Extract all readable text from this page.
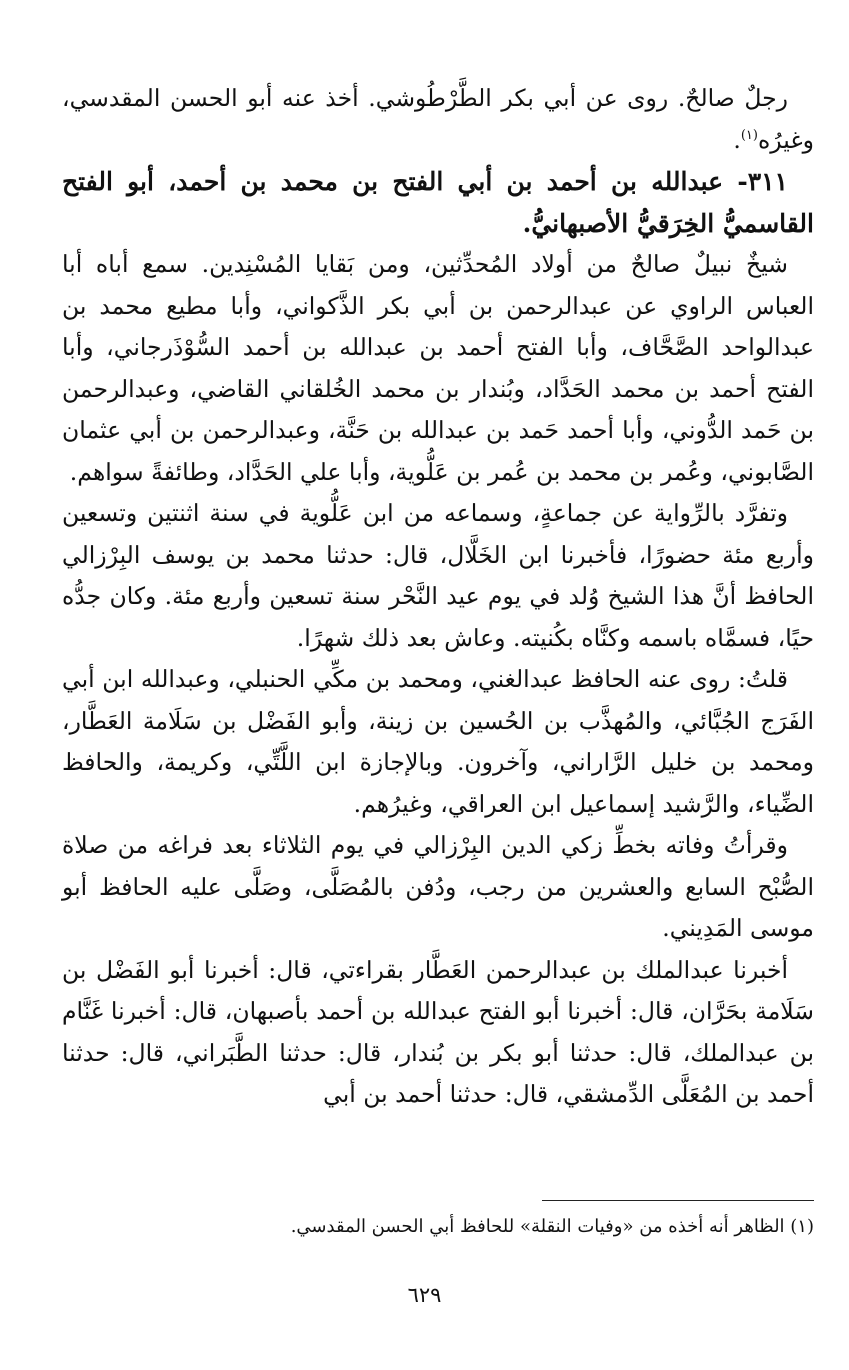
رجلٌ صالحٌ. روى عن أبي بكر الطَّرْطُوشي. أخذ عنه أبو الحسن المقدسي، وغيرُه$^{(١)}$.

٣١١- عبدالله بن أحمد بن أبي الفتح بن محمد بن أحمد، أبو الفتح القاسميُّ الخِرَقيُّ الأصبهانيُّ.

شيخٌ نبيلٌ صالحٌ من أولاد المُحدِّثين، ومن بَقايا المُسْنِدين. سمع أباه أبا العباس الراوي عن عبدالرحمن بن أبي بكر الذَّكواني، وأبا مطيع محمد بن عبدالواحد الصَّحَّاف، وأبا الفتح أحمد بن عبدالله بن أحمد السُّوْذَرجاني، وأبا الفتح أحمد بن محمد الحَدَّاد، وبُندار بن محمد الخُلقاني القاضي، وعبدالرحمن بن حَمد الدُّوني، وأبا أحمد حَمد بن عبدالله بن حَنَّة، وعبدالرحمن بن أبي عثمان الصَّابوني، وعُمر بن محمد بن عُمر بن عَلُّوية، وأبا علي الحَدَّاد، وطائفةً سواهم.

وتفرَّد بالرِّواية عن جماعةٍ، وسماعه من ابن عَلُّوية في سنة اثنتين وتسعين وأربع مئة حضورًا، فأخبرنا ابن الخَلَّال، قال: حدثنا محمد بن يوسف البِرْزالي الحافظ أنَّ هذا الشيخ وُلد في يوم عيد النَّحْر سنة تسعين وأربع مئة. وكان جدُّه حيًا، فسمَّاه باسمه وكنَّاه بكُنيته. وعاش بعد ذلك شهرًا.

قلتُ: روى عنه الحافظ عبدالغني، ومحمد بن مكِّي الحنبلي، وعبدالله ابن أبي الفَرَج الجُبَّائي، والمُهذَّب بن الحُسين بن زينة، وأبو الفَضْل بن سَلَامة العَطَّار، ومحمد بن خليل الرَّاراني، وآخرون. وبالإجازة ابن اللَّتِّي، وكريمة، والحافظ الضِّياء، والرَّشيد إسماعيل ابن العراقي، وغيرُهم.

وقرأتُ وفاته بخطِّ زكي الدين البِرْزالي في يوم الثلاثاء بعد فراغه من صلاة الصُّبْح السابع والعشرين من رجب، ودُفن بالمُصَلَّى، وصَلَّى عليه الحافظ أبو موسى المَدِيني.

أخبرنا عبدالملك بن عبدالرحمن العَطَّار بقراءتي، قال: أخبرنا أبو الفَضْل بن سَلَامة بحَرَّان، قال: أخبرنا أبو الفتح عبدالله بن أحمد بأصبهان، قال: أخبرنا غَنَّام بن عبدالملك، قال: حدثنا أبو بكر بن بُندار، قال: حدثنا الطَّبَراني، قال: حدثنا أحمد بن المُعَلَّى الدِّمشقي، قال: حدثنا أحمد بن أبي

(١) الظاهر أنه أخذه من «وفيات النقلة» للحافظ أبي الحسن المقدسي.

٦٢٩
